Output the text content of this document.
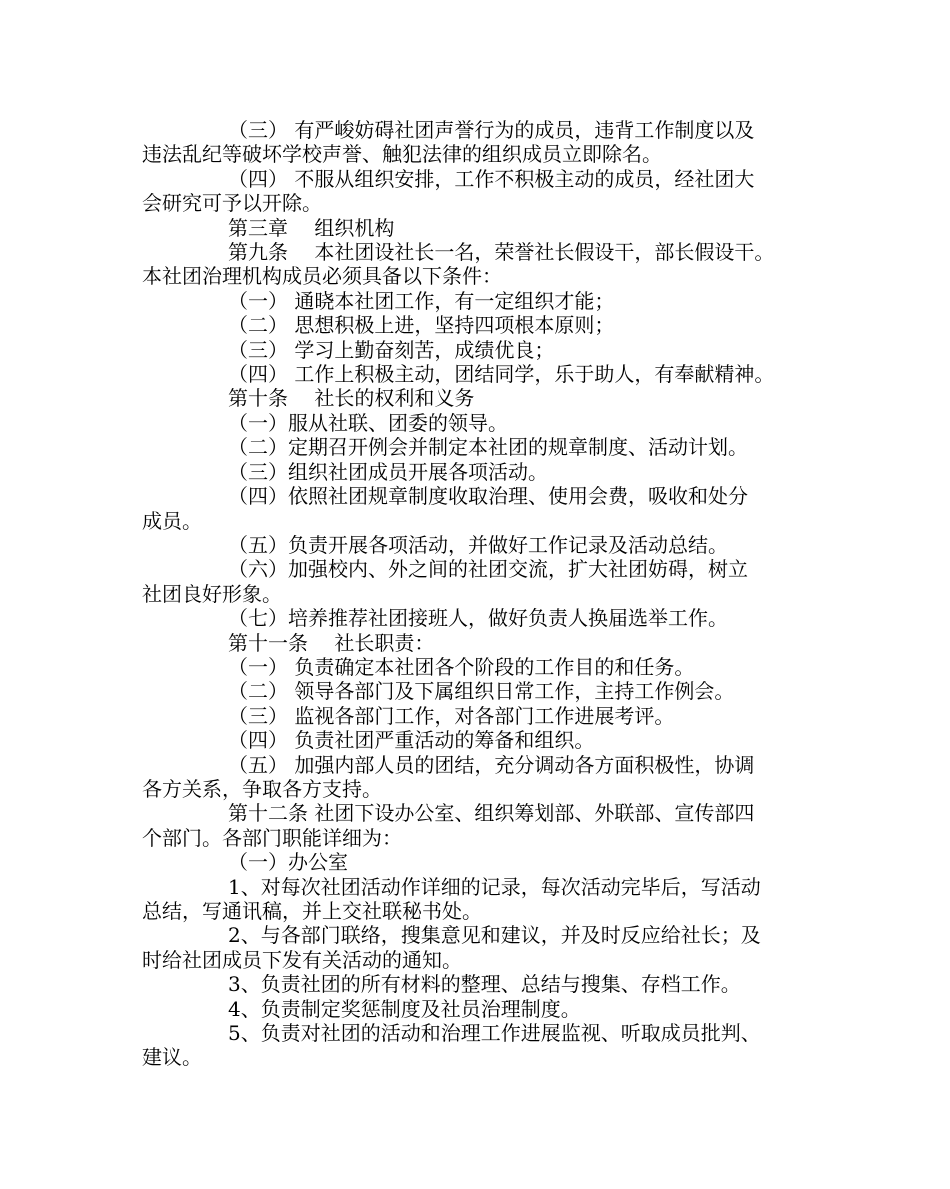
（三） 有严峻妨碍社团声誉行为的成员，违背工作制度以及

违法乱纪等破坏学校声誉、触犯法律的组织成员立即除名。

（四） 不服从组织安排，工作不积极主动的成员，经社团大

会研究可予以开除。

第三章　 组织机构

第九条　 本社团设社长一名，荣誉社长假设干，部长假设干。

本社团治理机构成员必须具备以下条件：

（一） 通晓本社团工作，有一定组织才能；

（二） 思想积极上进，坚持四项根本原则；

（三） 学习上勤奋刻苦，成绩优良；

（四） 工作上积极主动，团结同学，乐于助人，有奉献精神。

第十条　 社长的权利和义务

（一）服从社联、团委的领导。

（二）定期召开例会并制定本社团的规章制度、活动计划。

（三）组织社团成员开展各项活动。

（四）依照社团规章制度收取治理、使用会费，吸收和处分

成员。

（五）负责开展各项活动，并做好工作记录及活动总结。

（六）加强校内、外之间的社团交流，扩大社团妨碍，树立

社团良好形象。

（七）培养推荐社团接班人，做好负责人换届选举工作。

第十一条　 社长职责：

（一） 负责确定本社团各个阶段的工作目的和任务。

（二） 领导各部门及下属组织日常工作，主持工作例会。

（三） 监视各部门工作，对各部门工作进展考评。

（四） 负责社团严重活动的筹备和组织。

（五） 加强内部人员的团结，充分调动各方面积极性，协调

各方关系，争取各方支持。

第十二条 社团下设办公室、组织筹划部、外联部、宣传部四

个部门。各部门职能详细为：

（一）办公室

1、对每次社团活动作详细的记录，每次活动完毕后，写活动

总结，写通讯稿，并上交社联秘书处。

2、与各部门联络，搜集意见和建议，并及时反应给社长；及

时给社团成员下发有关活动的通知。

3、负责社团的所有材料的整理、总结与搜集、存档工作。

4、负责制定奖惩制度及社员治理制度。

5、负责对社团的活动和治理工作进展监视、听取成员批判、

建议。
